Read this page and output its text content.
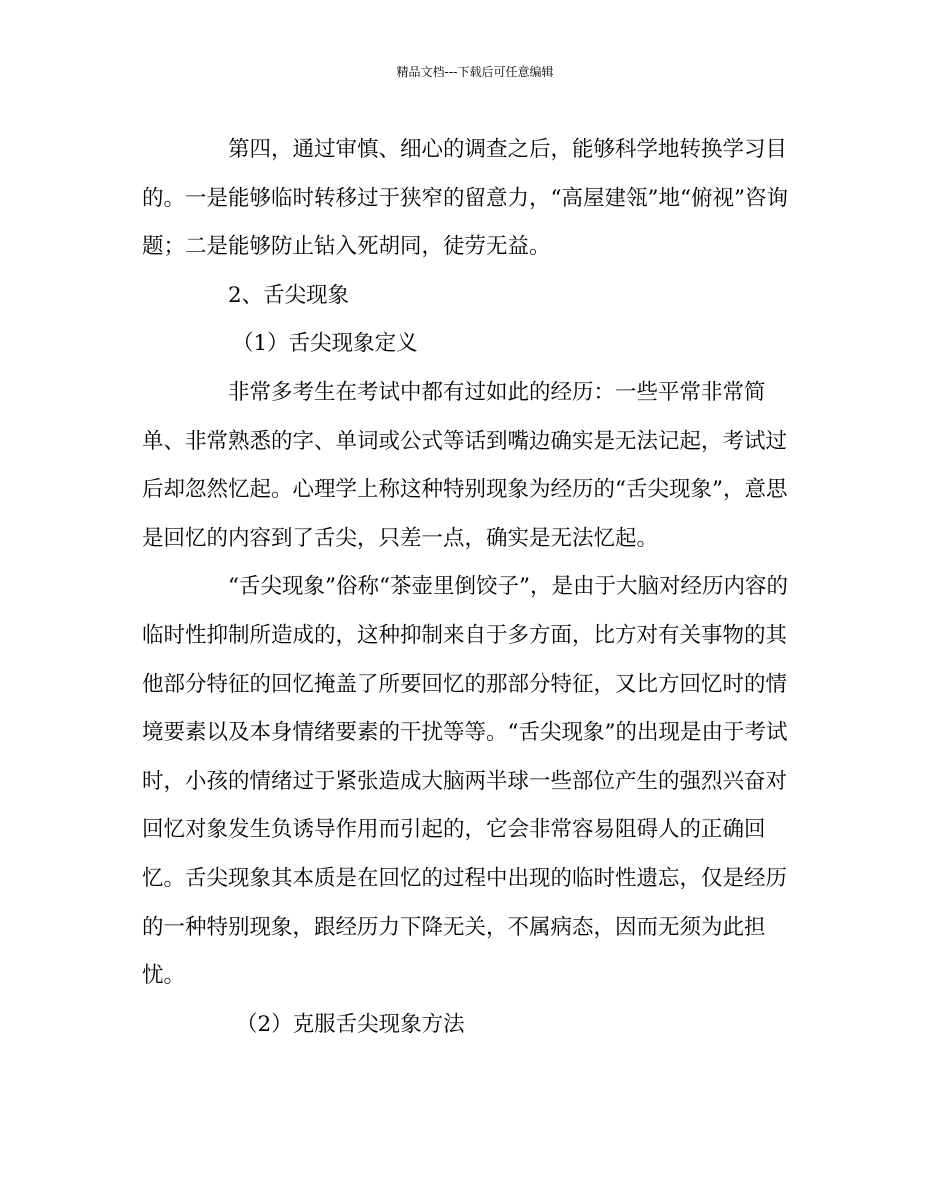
精品文档---下载后可任意编辑
第四，通过审慎、细心的调查之后，能够科学地转换学习目
的。一是能够临时转移过于狭窄的留意力，“高屋建瓴”地“俯视”咨询
题；二是能够防止钻入死胡同，徒劳无益。
2、舌尖现象
（1）舌尖现象定义
非常多考生在考试中都有过如此的经历：一些平常非常简
单、非常熟悉的字、单词或公式等话到嘴边确实是无法记起，考试过
后却忽然忆起。心理学上称这种特别现象为经历的“舌尖现象”，意思
是回忆的内容到了舌尖，只差一点，确实是无法忆起。
“舌尖现象”俗称“茶壶里倒饺子”，是由于大脑对经历内容的
临时性抑制所造成的，这种抑制来自于多方面，比方对有关事物的其
他部分特征的回忆掩盖了所要回忆的那部分特征，又比方回忆时的情
境要素以及本身情绪要素的干扰等等。“舌尖现象”的出现是由于考试
时，小孩的情绪过于紧张造成大脑两半球一些部位产生的强烈兴奋对
回忆对象发生负诱导作用而引起的，它会非常容易阻碍人的正确回
忆。舌尖现象其本质是在回忆的过程中出现的临时性遗忘，仅是经历
的一种特别现象，跟经历力下降无关，不属病态，因而无须为此担
忧。
（2）克服舌尖现象方法
